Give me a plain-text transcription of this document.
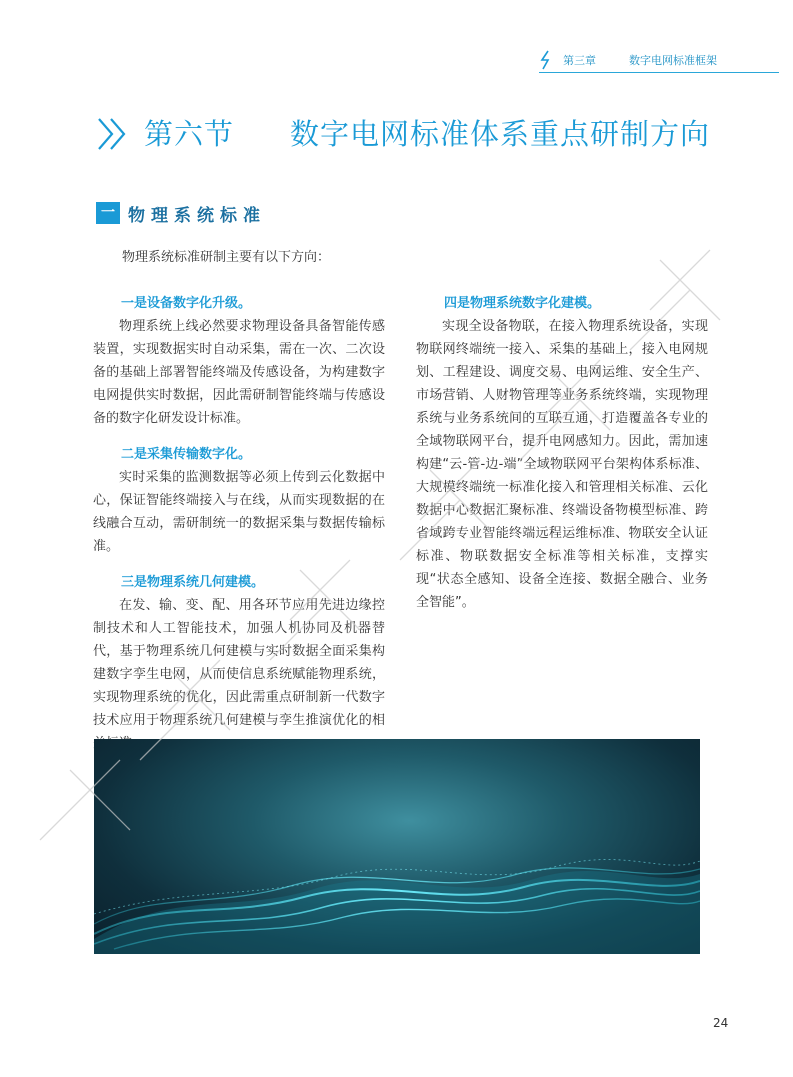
第三章	数字电网标准框架
第六节 数字电网标准体系重点研制方向
一 物理系统标准
物理系统标准研制主要有以下方向：
一是设备数字化升级。

物理系统上线必然要求物理设备具备智能传感装置，实现数据实时自动采集，需在一次、二次设备的基础上部署智能终端及传感设备，为构建数字电网提供实时数据，因此需研制智能终端与传感设备的数字化研发设计标准。

二是采集传输数字化。

实时采集的监测数据等必须上传到云化数据中心，保证智能终端接入与在线，从而实现数据的在线融合互动，需研制统一的数据采集与数据传输标准。

三是物理系统几何建模。

在发、输、变、配、用各环节应用先进边缘控制技术和人工智能技术，加强人机协同及机器替代，基于物理系统几何建模与实时数据全面采集构建数字孪生电网，从而使信息系统赋能物理系统，实现物理系统的优化，因此需重点研制新一代数字技术应用于物理系统几何建模与孪生推演优化的相

四是物理系统数字化建模。

实现全设备物联，在接入物理系统设备，实现物联网终端统一接入、采集的基础上，接入电网规划、工程建设、调度交易、电网运维、安全生产、市场营销、人财物管理等业务系统终端，实现物理系统与业务系统间的互联互通，打造覆盖各专业的全域物联网平台，提升电网感知力。因此，需加速构建“云-管-边-端”全域物联网平台架构体系标准、大规模终端统一标准化接入和管理相关标准、云化数据中心数据汇聚标准、终端设备物模型标准、跨省域跨专业智能终端远程运维标准、物联安全认证标准、物联数据安全标准等相关标准，支撑实现“状态全感知、设备全连接、数据全融合、业务全智能”。

24
